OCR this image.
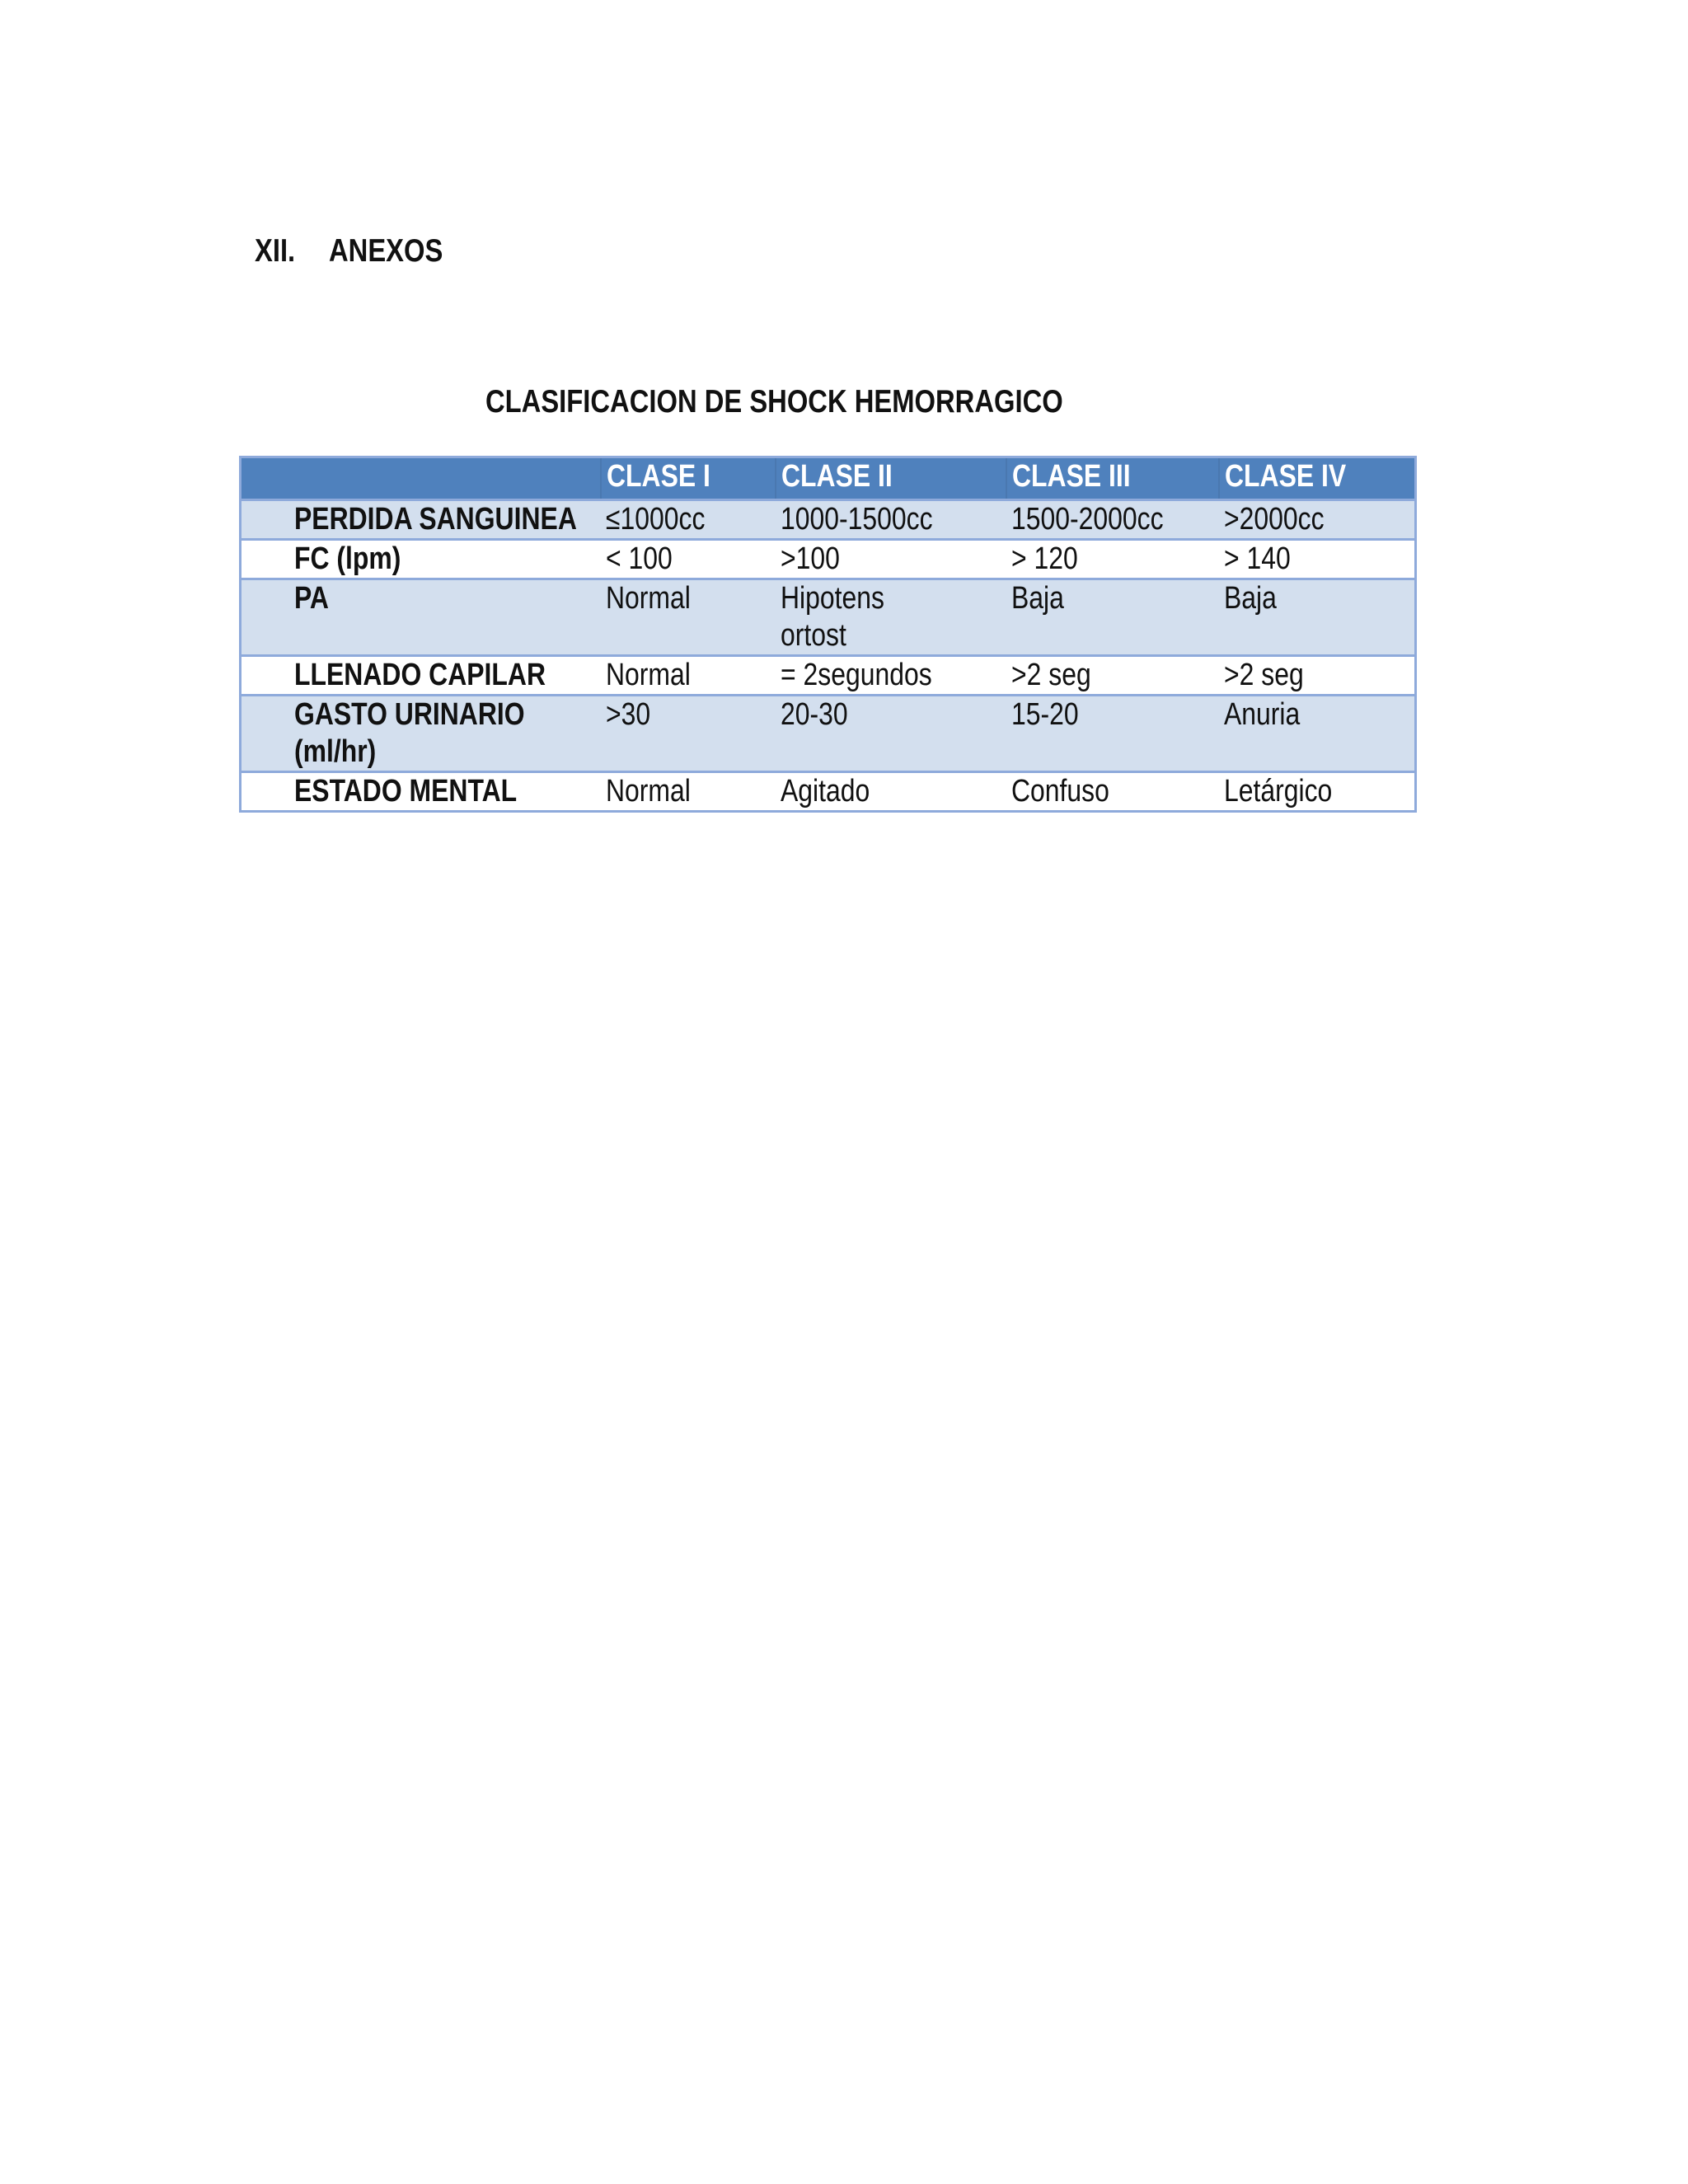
XII.	ANEXOS
CLASIFICACION DE SHOCK HEMORRAGICO
	CLASE I	CLASE II	CLASE III	CLASE IV
PERDIDA SANGUINEA	≤1000cc	1000-1500cc	1500-2000cc	>2000cc
FC (lpm)	< 100	>100	> 120	> 140
PA	Normal	Hipotens ortost	Baja	Baja
LLENADO CAPILAR	Normal	= 2segundos	>2 seg	>2 seg
GASTO URINARIO (ml/hr)	>30	20-30	15-20	Anuria
ESTADO MENTAL	Normal	Agitado	Confuso	Letárgico
